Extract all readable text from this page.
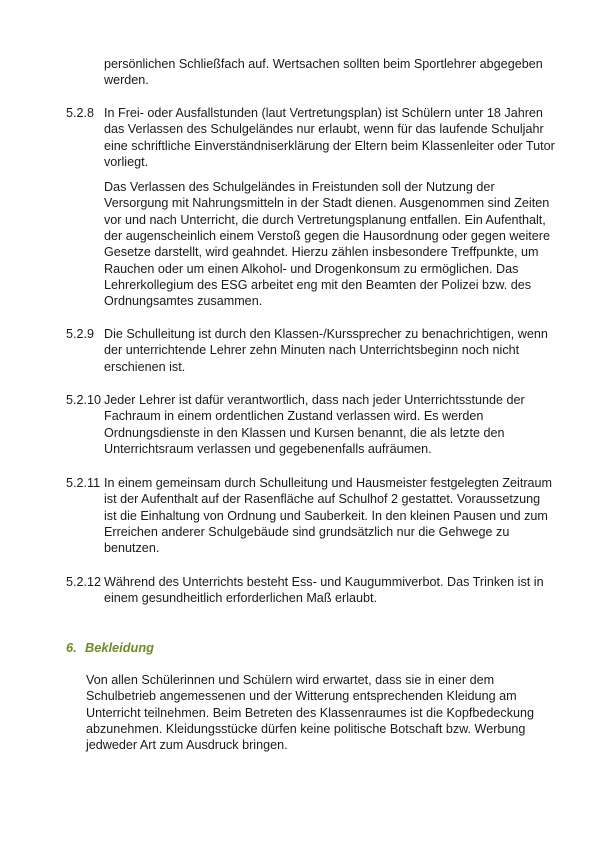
persönlichen Schließfach auf. Wertsachen sollten beim Sportlehrer abgegeben werden.

5.2.8 In Frei- oder Ausfallstunden (laut Vertretungsplan) ist Schülern unter 18 Jahren das Verlassen des Schulgeländes nur erlaubt, wenn für das laufende Schuljahr eine schriftliche Einverständniserklärung der Eltern beim Klassenleiter oder Tutor vorliegt.

Das Verlassen des Schulgeländes in Freistunden soll der Nutzung der Versorgung mit Nahrungsmitteln in der Stadt dienen. Ausgenommen sind Zeiten vor und nach Unterricht, die durch Vertretungsplanung entfallen. Ein Aufenthalt, der augenscheinlich einem Verstoß gegen die Hausordnung oder gegen weitere Gesetze darstellt, wird geahndet. Hierzu zählen insbesondere Treffpunkte, um Rauchen oder um einen Alkohol- und Drogenkonsum zu ermöglichen. Das Lehrerkollegium des ESG arbeitet eng mit den Beamten der Polizei bzw. des Ordnungsamtes zusammen.

5.2.9 Die Schulleitung ist durch den Klassen-/Kurssprecher zu benachrichtigen, wenn der unterrichtende Lehrer zehn Minuten nach Unterrichtsbeginn noch nicht erschienen ist.

5.2.10 Jeder Lehrer ist dafür verantwortlich, dass nach jeder Unterrichtsstunde der Fachraum in einem ordentlichen Zustand verlassen wird. Es werden Ordnungsdienste in den Klassen und Kursen benannt, die als letzte den Unterrichtsraum verlassen und gegebenenfalls aufräumen.

5.2.11 In einem gemeinsam durch Schulleitung und Hausmeister festgelegten Zeitraum ist der Aufenthalt auf der Rasenfläche auf Schulhof 2 gestattet. Voraussetzung ist die Einhaltung von Ordnung und Sauberkeit. In den kleinen Pausen und zum Erreichen anderer Schulgebäude sind grundsätzlich nur die Gehwege zu benutzen.

5.2.12 Während des Unterrichts besteht Ess- und Kaugummiverbot. Das Trinken ist in einem gesundheitlich erforderlichen Maß erlaubt.

6. Bekleidung

Von allen Schülerinnen und Schülern wird erwartet, dass sie in einer dem Schulbetrieb angemessenen und der Witterung entsprechenden Kleidung am Unterricht teilnehmen. Beim Betreten des Klassenraumes ist die Kopfbedeckung abzunehmen. Kleidungsstücke dürfen keine politische Botschaft bzw. Werbung jedweder Art zum Ausdruck bringen.
